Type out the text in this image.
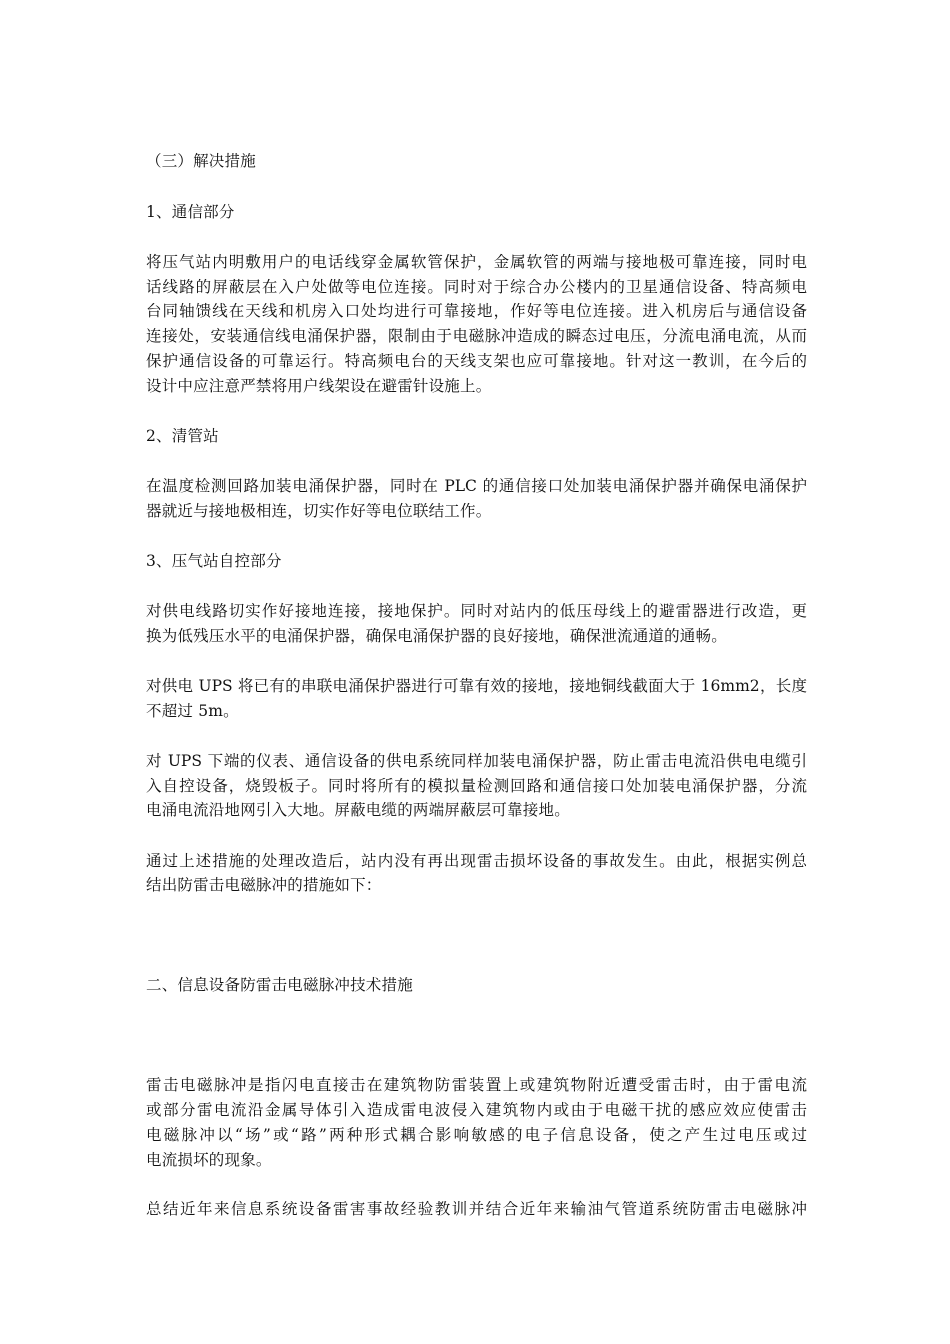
（三）解决措施
1、通信部分
将压气站内明敷用户的电话线穿金属软管保护，金属软管的两端与接地极可靠连接，同时电
话线路的屏蔽层在入户处做等电位连接。同时对于综合办公楼内的卫星通信设备、特高频电
台同轴馈线在天线和机房入口处均进行可靠接地，作好等电位连接。进入机房后与通信设备
连接处，安装通信线电涌保护器，限制由于电磁脉冲造成的瞬态过电压，分流电涌电流，从而
保护通信设备的可靠运行。特高频电台的天线支架也应可靠接地。针对这一教训，在今后的
设计中应注意严禁将用户线架设在避雷针设施上。
2、清管站
在温度检测回路加装电涌保护器，同时在 PLC 的通信接口处加装电涌保护器并确保电涌保护
器就近与接地极相连，切实作好等电位联结工作。
3、压气站自控部分
对供电线路切实作好接地连接，接地保护。同时对站内的低压母线上的避雷器进行改造，更
换为低残压水平的电涌保护器，确保电涌保护器的良好接地，确保泄流通道的通畅。
对供电 UPS 将已有的串联电涌保护器进行可靠有效的接地，接地铜线截面大于 16mm2，长度
不超过 5m。
对 UPS 下端的仪表、通信设备的供电系统同样加装电涌保护器，防止雷击电流沿供电电缆引
入自控设备，烧毁板子。同时将所有的模拟量检测回路和通信接口处加装电涌保护器，分流
电涌电流沿地网引入大地。屏蔽电缆的两端屏蔽层可靠接地。
通过上述措施的处理改造后，站内没有再出现雷击损坏设备的事故发生。由此，根据实例总
结出防雷击电磁脉冲的措施如下：
二、信息设备防雷击电磁脉冲技术措施
雷击电磁脉冲是指闪电直接击在建筑物防雷装置上或建筑物附近遭受雷击时，由于雷电流
或部分雷电流沿金属导体引入造成雷电波侵入建筑物内或由于电磁干扰的感应效应使雷击
电磁脉冲以“场”或“路”两种形式耦合影响敏感的电子信息设备，使之产生过电压或过
电流损坏的现象。
总结近年来信息系统设备雷害事故经验教训并结合近年来输油气管道系统防雷击电磁脉冲
